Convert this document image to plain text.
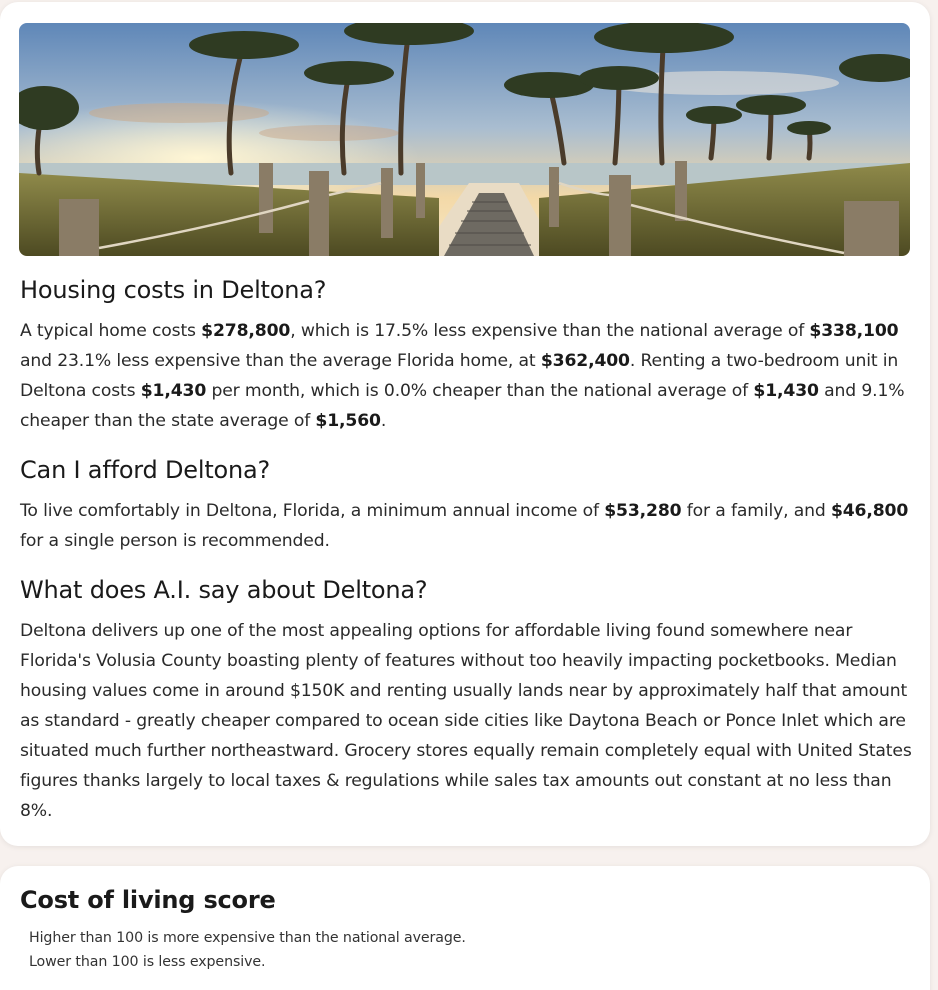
Housing costs in Deltona?

A typical home costs $278,800, which is 17.5% less expensive than the national average of $338,100 and 23.1% less expensive than the average Florida home, at $362,400. Renting a two-bedroom unit in Deltona costs $1,430 per month, which is 0.0% cheaper than the national average of $1,430 and 9.1% cheaper than the state average of $1,560.

Can I afford Deltona?

To live comfortably in Deltona, Florida, a minimum annual income of $53,280 for a family, and $46,800 for a single person is recommended.

What does A.I. say about Deltona?

Deltona delivers up one of the most appealing options for affordable living found somewhere near Florida's Volusia County boasting plenty of features without too heavily impacting pocketbooks. Median housing values come in around $150K and renting usually lands near by approximately half that amount as standard - greatly cheaper compared to ocean side cities like Daytona Beach or Ponce Inlet which are situated much further northeastward. Grocery stores equally remain completely equal with United States figures thanks largely to local taxes & regulations while sales tax amounts out constant at no less than 8%.

Cost of living score
Higher than 100 is more expensive than the national average.
Lower than 100 is less expensive.
